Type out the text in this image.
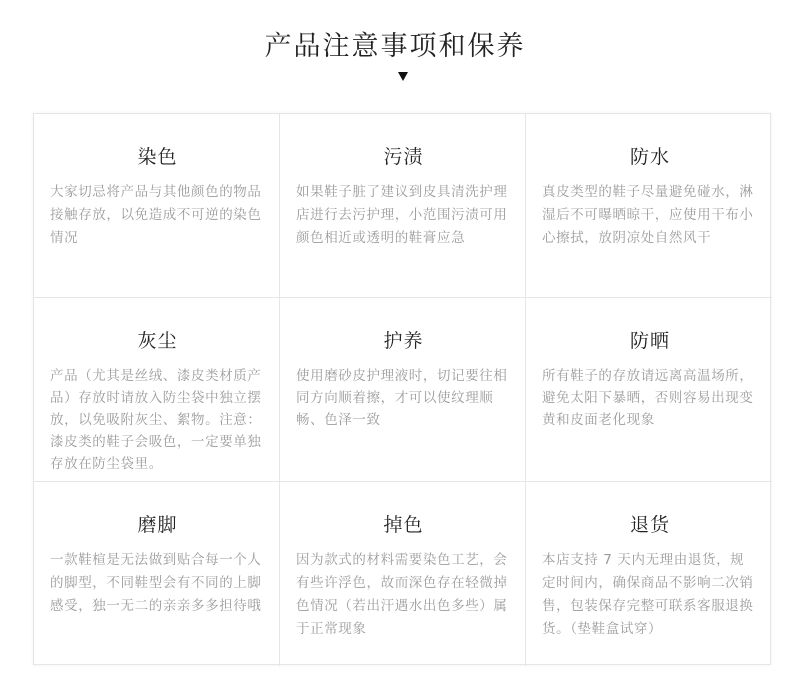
产品注意事项和保养
染色
大家切忌将产品与其他颜色的物品接触存放，以免造成不可逆的染色情况
污渍
如果鞋子脏了建议到皮具清洗护理店进行去污护理，小范围污渍可用颜色相近或透明的鞋膏应急
防水
真皮类型的鞋子尽量避免碰水，淋湿后不可曝晒晾干，应使用干布小心擦拭，放阴凉处自然风干
灰尘
产品（尤其是丝绒、漆皮类材质产品）存放时请放入防尘袋中独立摆放，以免吸附灰尘、絮物。注意：漆皮类的鞋子会吸色，一定要单独存放在防尘袋里。
护养
使用磨砂皮护理液时，切记要往相同方向顺着擦，才可以使纹理顺畅、色泽一致
防晒
所有鞋子的存放请远离高温场所，避免太阳下暴晒，否则容易出现变黄和皮面老化现象
磨脚
一款鞋楦是无法做到贴合每一个人的脚型，不同鞋型会有不同的上脚感受，独一无二的亲亲多多担待哦
掉色
因为款式的材料需要染色工艺，会有些许浮色，故而深色存在轻微掉色情况（若出汗遇水出色多些）属于正常现象
退货
本店支持 7 天内无理由退货，规定时间内，确保商品不影响二次销售，包装保存完整可联系客服退换货。（垫鞋盒试穿）
